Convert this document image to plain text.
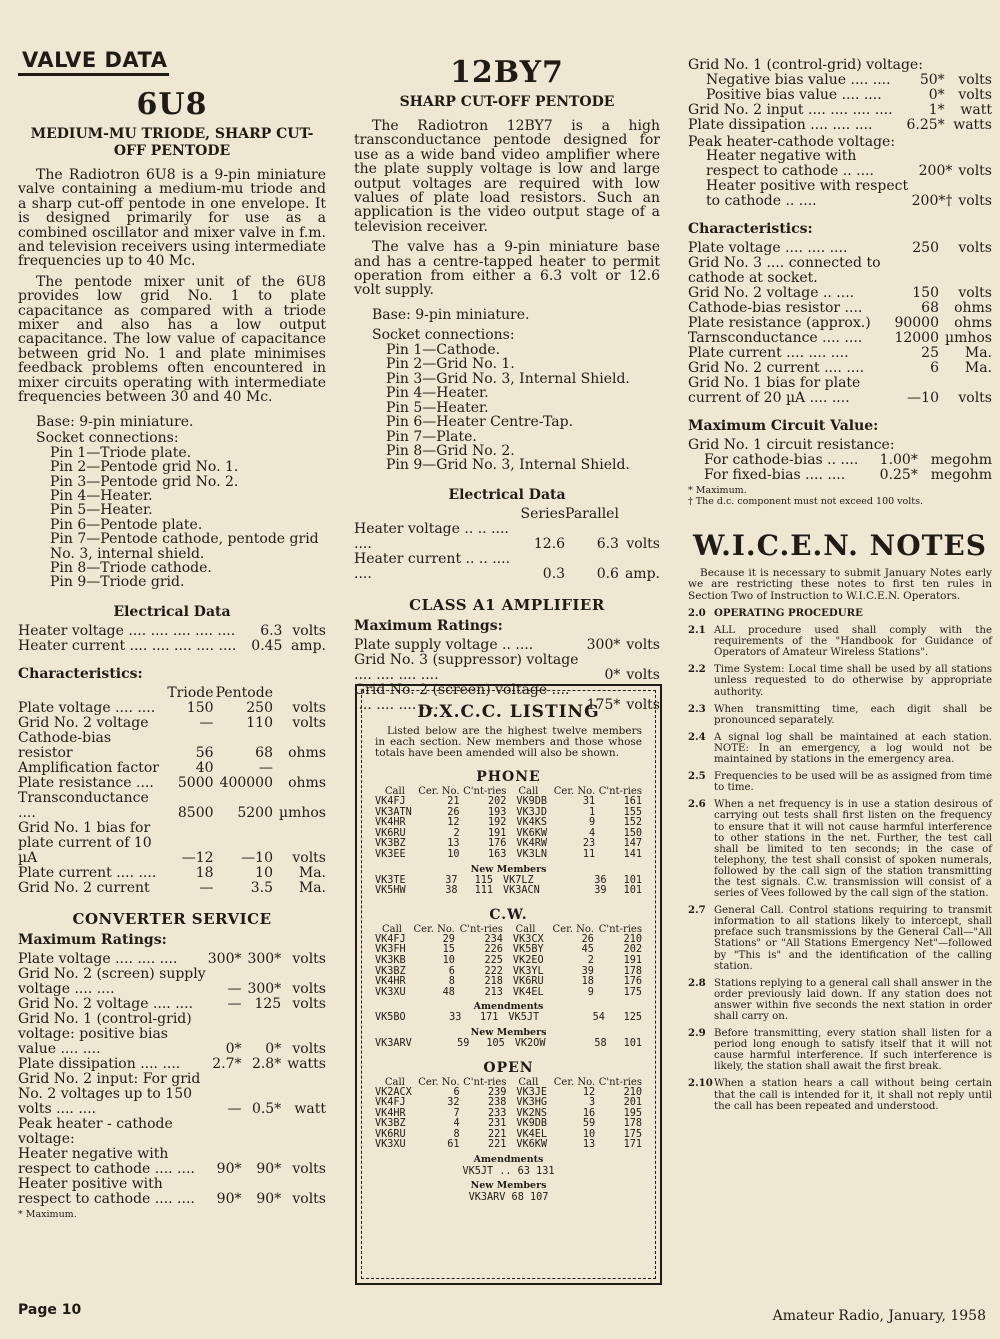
VALVE DATA
6U8
MEDIUM-MU TRIODE, SHARP CUT-OFF PENTODE

The Radiotron 6U8 is a 9-pin miniature valve containing a medium-mu triode and a sharp cut-off pentode in one envelope. It is designed primarily for use as a combined oscillator and mixer valve in f.m. and television receivers using intermediate frequencies up to 40 Mc.

The pentode mixer unit of the 6U8 provides low grid No. 1 to plate capacitance as compared with a triode mixer and also has a low output capacitance. The low value of capacitance between grid No. 1 and plate minimises feedback problems often encountered in mixer circuits operating with intermediate frequencies between 30 and 40 Mc.

Base: 9-pin miniature.
Socket connections:
Pin 1—Triode plate.
Pin 2—Pentode grid No. 1.
Pin 3—Pentode grid No. 2.
Pin 4—Heater.
Pin 5—Heater.
Pin 6—Pentode plate.
Pin 7—Pentode cathode, pentode grid No. 3, internal shield.
Pin 8—Triode cathode.
Pin 9—Triode grid.
Electrical Data
Heater voltage .... .... .... .... ....	6.3	volts
Heater current .... .... .... .... ....	0.45	amp.
Characteristics:
	Triode	Pentode	
Plate voltage .... ....	150	250	volts
Grid No. 2 voltage	—	110	volts
Cathode-bias resistor	56	68	ohms
Amplification factor	40	—	
Plate resistance ....	5000	400000	ohms
Transconductance ....	8500	5200	µmhos
Grid No. 1 bias for plate current of 10 µA	—12	—10	volts
Plate current .... ....	18	10	Ma.
Grid No. 2 current	—	3.5	Ma.
CONVERTER SERVICE
Maximum Ratings:
Plate voltage .... .... ....	300*	300*	volts
Grid No. 2 (screen) supply voltage .... ....	—	300*	volts
Grid No. 2 voltage .... ....	—	125	volts
Grid No. 1 (control-grid) voltage: positive bias value .... ....	0*	0*	volts
Plate dissipation .... ....	2.7*	2.8*	watts
Grid No. 2 input: For grid No. 2 voltages up to 150 volts .... ....	—	0.5*	watt
Peak heater - cathode voltage:			
Heater negative with respect to cathode .... ....	90*	90*	volts
Heater positive with respect to cathode .... ....	90*	90*	volts
* Maximum.
12BY7
SHARP CUT-OFF PENTODE

The Radiotron 12BY7 is a high transconductance pentode designed for use as a wide band video amplifier where the plate supply voltage is low and large output voltages are required with low values of plate load resistors. Such an application is the video output stage of a television receiver.

The valve has a 9-pin miniature base and has a centre-tapped heater to permit operation from either a 6.3 volt or 12.6 volt supply.

Base: 9-pin miniature.
Socket connections:
Pin 1—Cathode.
Pin 2—Grid No. 1.
Pin 3—Grid No. 3, Internal Shield.
Pin 4—Heater.
Pin 5—Heater.
Pin 6—Heater Centre-Tap.
Pin 7—Plate.
Pin 8—Grid No. 2.
Pin 9—Grid No. 3, Internal Shield.
Electrical Data
	Series	Parallel	
Heater voltage .. .. .... ....	12.6	6.3	volts
Heater current .. .. .... ....	0.3	0.6	amp.
CLASS A1 AMPLIFIER
Maximum Ratings:
Plate supply voltage .. ....	300*	volts
Grid No. 3 (suppressor) voltage .... .... .... ....	0*	volts
Grid No. 2 (screen) voltage .... .... .... .... ....	175*	volts
D.X.C.C. LISTING
Listed below are the highest twelve members in each section. New members and those whose totals have been amended will also be shown.
PHONE
Call	Cer. No.	C'nt-ries	Call	Cer. No.	C'nt-ries
VK4FJ	21	202	VK9DB	31	161
VK3ATN	26	193	VK3JD	1	155
VK4HR	12	192	VK4KS	9	152
VK6RU	2	191	VK6KW	4	150
VK3BZ	13	176	VK4RW	23	147
VK3EE	10	163	VK3LN	11	141
New Members
VK3TE	37	115	VK7LZ	36	101
VK5HW	38	111	VK3ACN	39	101
C.W.
Call	Cer. No.	C'nt-ries	Call	Cer. No.	C'nt-ries
VK4FJ	29	234	VK3CX	26	210
VK3FH	15	226	VK5BY	45	202
VK3KB	10	225	VK2EO	2	191
VK3BZ	6	222	VK3YL	39	178
VK4HR	8	218	VK6RU	18	176
VK3XU	48	213	VK4EL	9	175
Amendments
VK5BO	33	171	VK5JT	54	125
New Members
VK3ARV	59	105	VK2OW	58	101
OPEN
Call	Cer. No.	C'nt-ries	Call	Cer. No.	C'nt-ries
VK2ACX	6	239	VK3JE	12	210
VK4FJ	32	238	VK3HG	3	201
VK4HR	7	233	VK2NS	16	195
VK3BZ	4	231	VK9DB	59	178
VK6RU	8	221	VK4EL	10	175
VK3XU	61	221	VK6KW	13	171
Amendments
VK5JT .. 63 131
New Members
VK3ARV 68 107
Grid No. 1 (control-grid) voltage:
Negative bias value .... ....	50*	volts
Positive bias value .... ....	0*	volts
Grid No. 2 input .... .... .... ....	1*	watt
Plate dissipation .... .... ....	6.25*	watts
Peak heater-cathode voltage:
Heater negative with respect to cathode .. ....	200*	volts
Heater positive with respect to cathode .. ....	200*†	volts
Characteristics:
Plate voltage .... .... ....	250	volts
Grid No. 3 .... connected to cathode at socket.		
Grid No. 2 voltage .. ....	150	volts
Cathode-bias resistor ....	68	ohms
Plate resistance (approx.)	90000	ohms
Tarnsconductance .... ....	12000	µmhos
Plate current .... .... ....	25	Ma.
Grid No. 2 current .... ....	6	Ma.
Grid No. 1 bias for plate current of 20 µA .... ....	—10	volts
Maximum Circuit Value:
Grid No. 1 circuit resistance:
For cathode-bias .. ....	1.00*	megohm
For fixed-bias .... ....	0.25*	megohm
* Maximum.
† The d.c. component must not exceed 100 volts.
W.I.C.E.N. NOTES
Because it is necessary to submit January Notes early we are restricting these notes to first ten rules in Section Two of Instruction to W.I.C.E.N. Operators.
2.0 OPERATING PROCEDURE
2.1 ALL procedure used shall comply with the requirements of the "Handbook for Guidance of Operators of Amateur Wireless Stations".
2.2 Time System: Local time shall be used by all stations unless requested to do otherwise by appropriate authority.
2.3 When transmitting time, each digit shall be pronounced separately.
2.4 A signal log shall be maintained at each station. NOTE: In an emergency, a log would not be maintained by stations in the emergency area.
2.5 Frequencies to be used will be as assigned from time to time.
2.6 When a net frequency is in use a station desirous of carrying out tests shall first listen on the frequency to ensure that it will not cause harmful interference to other stations in the net. Further, the test call shall be limited to ten seconds; in the case of telephony, the test shall consist of spoken numerals, followed by the call sign of the station transmitting the test signals. C.w. transmission will consist of a series of Vees followed by the call sign of the station.
2.7 General Call. Control stations requiring to transmit information to all stations likely to intercept, shall preface such transmissions by the General Call—"All Stations" or "All Stations Emergency Net"—followed by "This is" and the identification of the calling station.
2.8 Stations replying to a general call shall answer in the order previously laid down. If any station does not answer within five seconds the next station in order shall carry on.
2.9 Before transmitting, every station shall listen for a period long enough to satisfy itself that it will not cause harmful interference. If such interference is likely, the station shall await the first break.
2.10 When a station hears a call without being certain that the call is intended for it, it shall not reply until the call has been repeated and understood.
Page 10	Amateur Radio, January, 1958
